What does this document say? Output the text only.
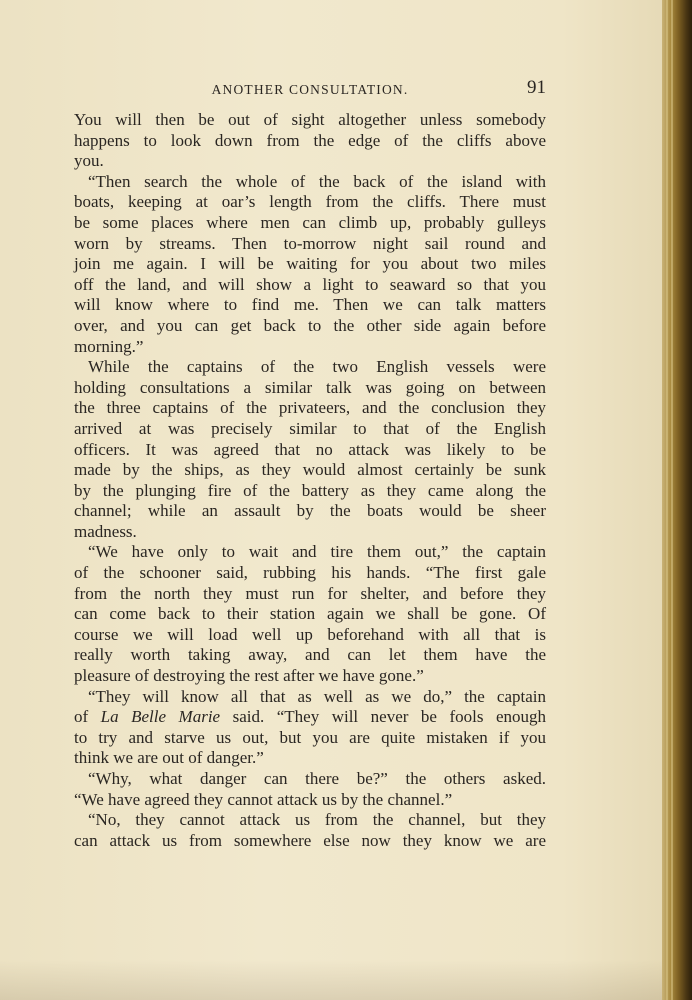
ANOTHER CONSULTATION.	91
You will then be out of sight altogether unless somebody
happens to look down from the edge of the cliffs above
you.
“Then search the whole of the back of the island with
boats, keeping at oar’s length from the cliffs. There must
be some places where men can climb up, probably gulleys
worn by streams. Then to-morrow night sail round and
join me again. I will be waiting for you about two miles
off the land, and will show a light to seaward so that you
will know where to find me. Then we can talk matters
over, and you can get back to the other side again before
morning.”
While the captains of the two English vessels were
holding consultations a similar talk was going on between
the three captains of the privateers, and the conclusion they
arrived at was precisely similar to that of the English
officers. It was agreed that no attack was likely to be
made by the ships, as they would almost certainly be sunk
by the plunging fire of the battery as they came along the
channel; while an assault by the boats would be sheer
madness.
“We have only to wait and tire them out,” the captain
of the schooner said, rubbing his hands. “The first gale
from the north they must run for shelter, and before they
can come back to their station again we shall be gone. Of
course we will load well up beforehand with all that is
really worth taking away, and can let them have the
pleasure of destroying the rest after we have gone.”
“They will know all that as well as we do,” the captain
of La Belle Marie said. “They will never be fools enough
to try and starve us out, but you are quite mistaken if you
think we are out of danger.”
“Why, what danger can there be?” the others asked.
“We have agreed they cannot attack us by the channel.”
“No, they cannot attack us from the channel, but they
can attack us from somewhere else now they know we are
